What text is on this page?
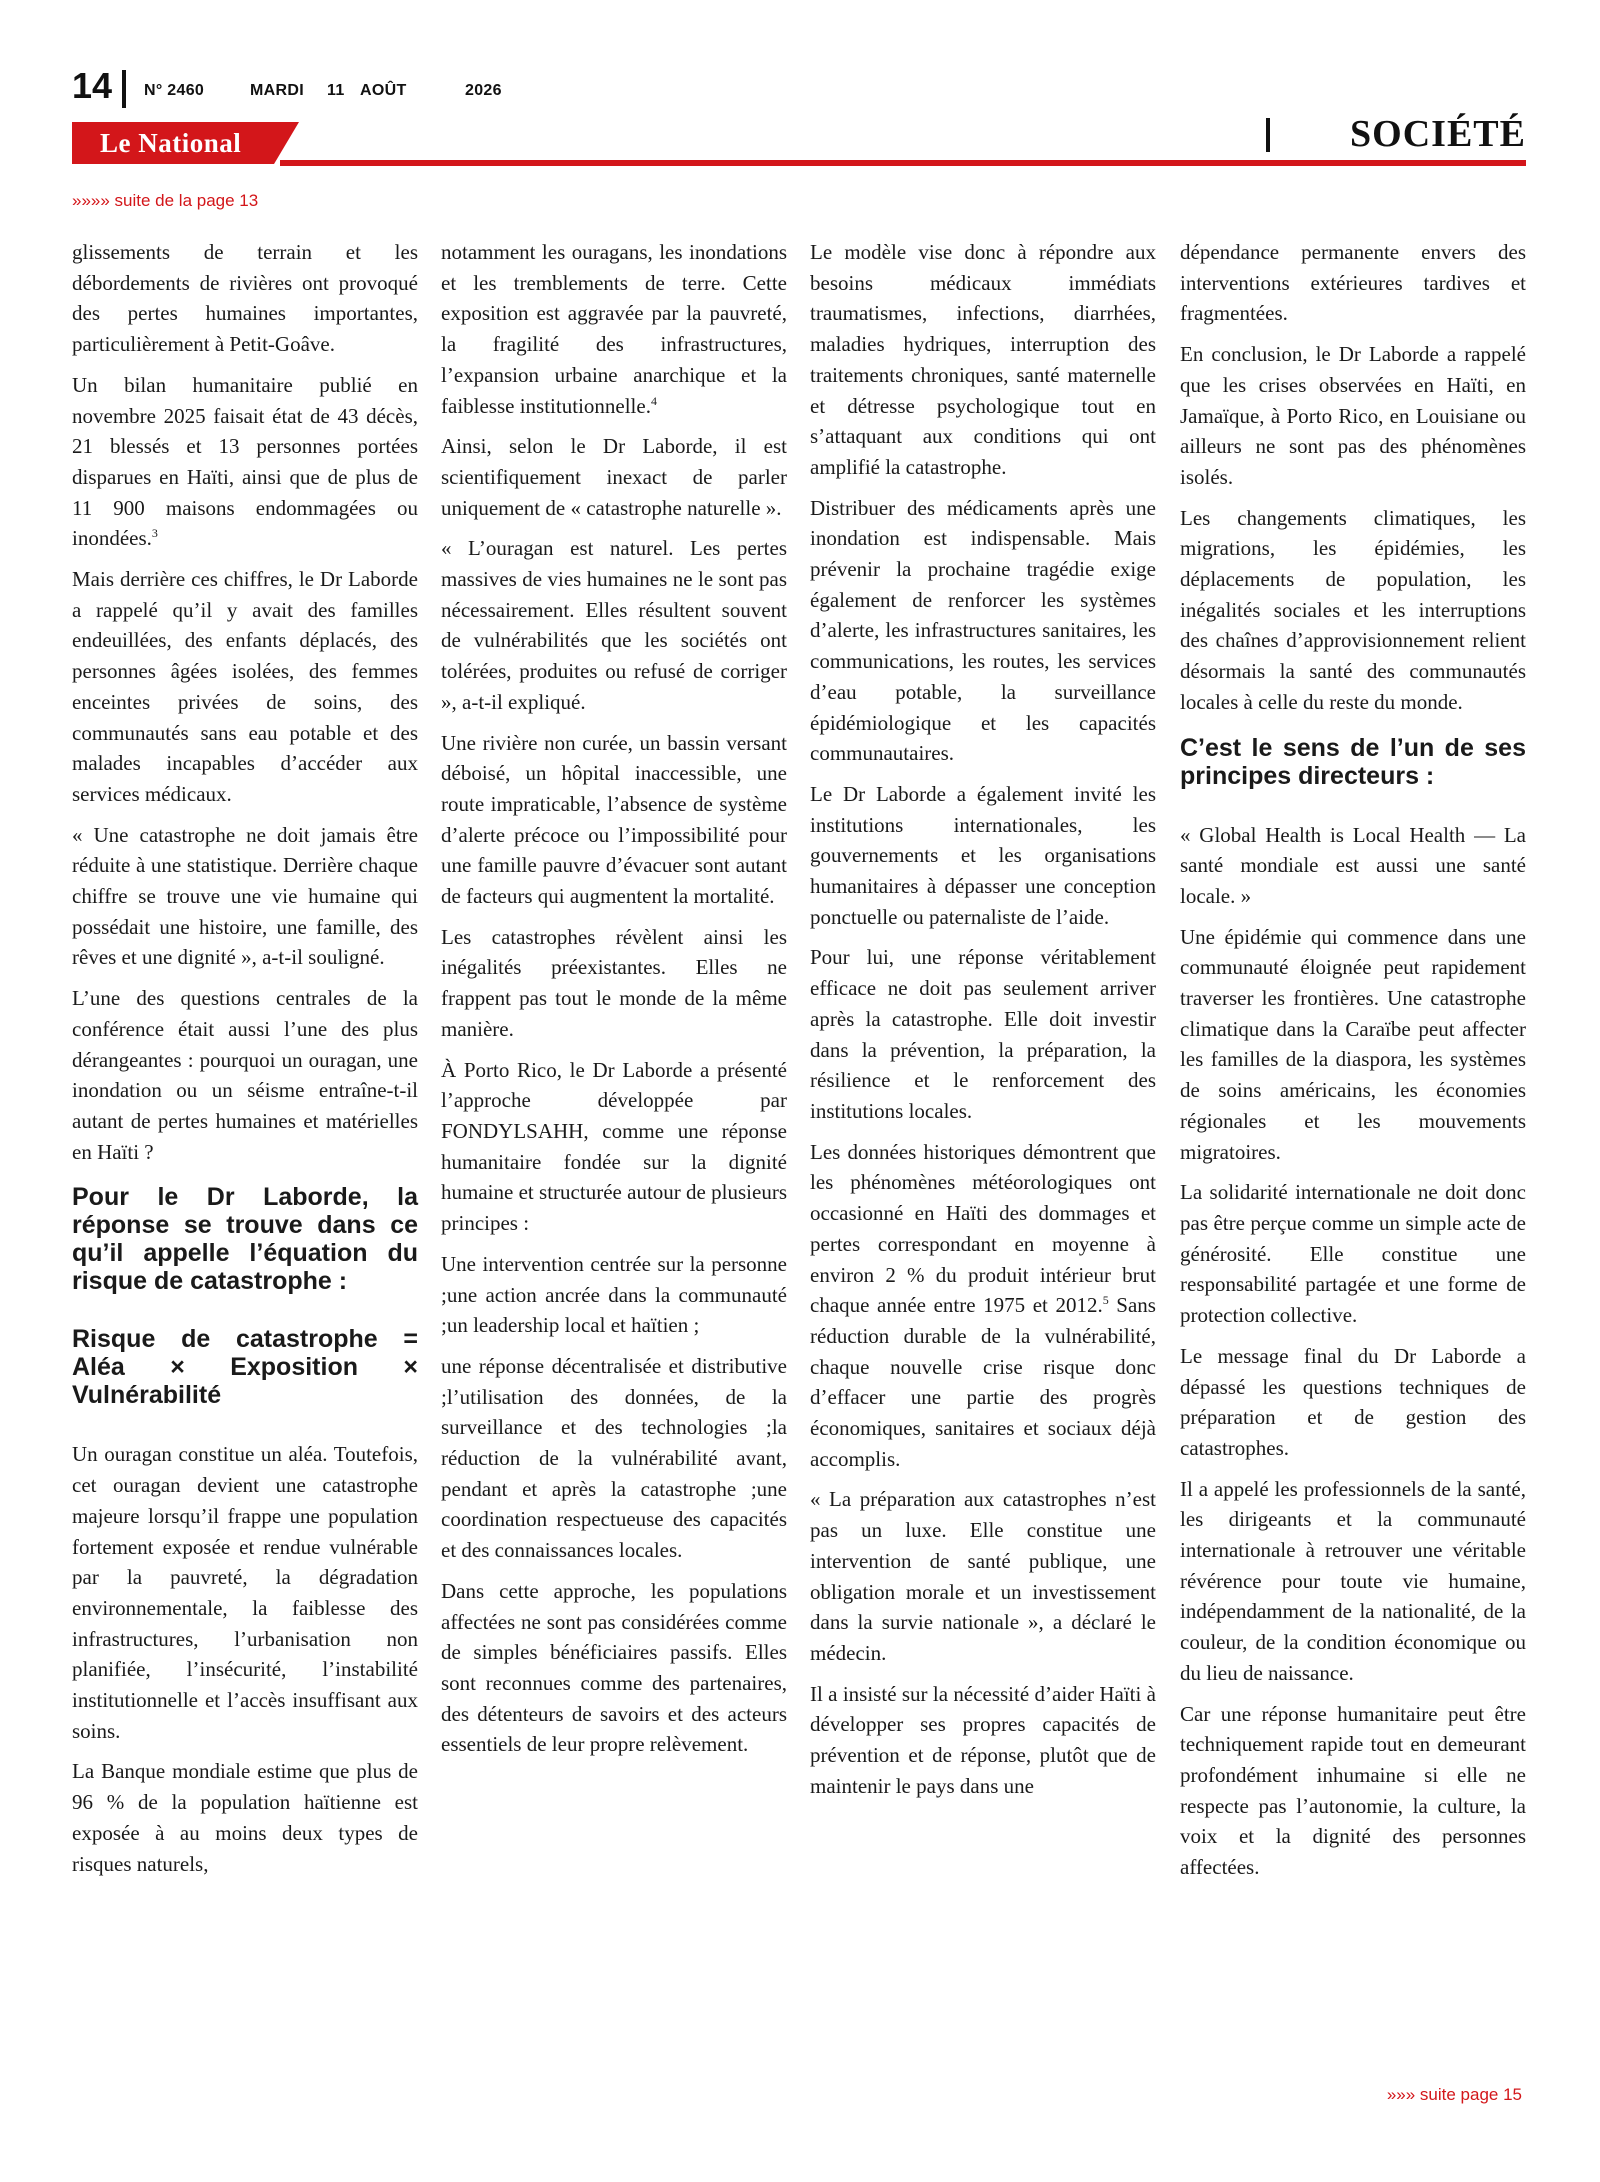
14 N° 2460	MARDI 11 AOÛT	2026
Le National	SOCIÉTÉ
»»»» suite de la page 13

glissements de terrain et les débordements de rivières ont provoqué des pertes humaines importantes, particulièrement à Petit-Goâve.

Un bilan humanitaire publié en novembre 2025 faisait état de 43 décès, 21 blessés et 13 personnes portées disparues en Haïti, ainsi que de plus de 11 900 maisons endommagées ou inondées.$^3$

Mais derrière ces chiffres, le Dr Laborde a rappelé qu’il y avait des familles endeuillées, des enfants déplacés, des personnes âgées isolées, des femmes enceintes privées de soins, des communautés sans eau potable et des malades incapables d’accéder aux services médicaux.

« Une catastrophe ne doit jamais être réduite à une statistique. Derrière chaque chiffre se trouve une vie humaine qui possédait une histoire, une famille, des rêves et une dignité », a-t-il souligné.

L’une des questions centrales de la conférence était aussi l’une des plus dérangeantes : pourquoi un ouragan, une inondation ou un séisme entraîne-t-il autant de pertes humaines et matérielles en Haïti ?

Pour le Dr Laborde, la réponse se trouve dans ce qu’il appelle l’équation du risque de catastrophe :
Risque de catastrophe = Aléa × Exposition × Vulnérabilité

Un ouragan constitue un aléa. Toutefois, cet ouragan devient une catastrophe majeure lorsqu’il frappe une population fortement exposée et rendue vulnérable par la pauvreté, la dégradation environnementale, la faiblesse des infrastructures, l’urbanisation non planifiée, l’insécurité, l’instabilité institutionnelle et l’accès insuffisant aux soins.

La Banque mondiale estime que plus de 96 % de la population haïtienne est exposée à au moins deux types de risques naturels,

notamment les ouragans, les inondations et les tremblements de terre. Cette exposition est aggravée par la pauvreté, la fragilité des infrastructures, l’expansion urbaine anarchique et la faiblesse institutionnelle.$^4$

Ainsi, selon le Dr Laborde, il est scientifiquement inexact de parler uniquement de « catastrophe naturelle ».

« L’ouragan est naturel. Les pertes massives de vies humaines ne le sont pas nécessairement. Elles résultent souvent de vulnérabilités que les sociétés ont tolérées, produites ou refusé de corriger », a-t-il expliqué.

Une rivière non curée, un bassin versant déboisé, un hôpital inaccessible, une route impraticable, l’absence de système d’alerte précoce ou l’impossibilité pour une famille pauvre d’évacuer sont autant de facteurs qui augmentent la mortalité.

Les catastrophes révèlent ainsi les inégalités préexistantes. Elles ne frappent pas tout le monde de la même manière.

À Porto Rico, le Dr Laborde a présenté l’approche développée par FONDYLSAHH, comme une réponse humanitaire fondée sur la dignité humaine et structurée autour de plusieurs principes :

Une intervention centrée sur la personne ;une action ancrée dans la communauté ;un leadership local et haïtien ;

une réponse décentralisée et distributive ;l’utilisation des données, de la surveillance et des technologies ;la réduction de la vulnérabilité avant, pendant et après la catastrophe ;une coordination respectueuse des capacités et des connaissances locales.

Dans cette approche, les populations affectées ne sont pas considérées comme de simples bénéficiaires passifs. Elles sont reconnues comme des partenaires, des détenteurs de savoirs et des acteurs essentiels de leur propre relèvement.

Le modèle vise donc à répondre aux besoins médicaux immédiats traumatismes, infections, diarrhées, maladies hydriques, interruption des traitements chroniques, santé maternelle et détresse psychologique tout en s’attaquant aux conditions qui ont amplifié la catastrophe.

Distribuer des médicaments après une inondation est indispensable. Mais prévenir la prochaine tragédie exige également de renforcer les systèmes d’alerte, les infrastructures sanitaires, les communications, les routes, les services d’eau potable, la surveillance épidémiologique et les capacités communautaires.

Le Dr Laborde a également invité les institutions internationales, les gouvernements et les organisations humanitaires à dépasser une conception ponctuelle ou paternaliste de l’aide.

Pour lui, une réponse véritablement efficace ne doit pas seulement arriver après la catastrophe. Elle doit investir dans la prévention, la préparation, la résilience et le renforcement des institutions locales.

Les données historiques démontrent que les phénomènes météorologiques ont occasionné en Haïti des dommages et pertes correspondant en moyenne à environ 2 % du produit intérieur brut chaque année entre 1975 et 2012.$^5$ Sans réduction durable de la vulnérabilité, chaque nouvelle crise risque donc d’effacer une partie des progrès économiques, sanitaires et sociaux déjà accomplis.

« La préparation aux catastrophes n’est pas un luxe. Elle constitue une intervention de santé publique, une obligation morale et un investissement dans la survie nationale », a déclaré le médecin.

Il a insisté sur la nécessité d’aider Haïti à développer ses propres capacités de prévention et de réponse, plutôt que de maintenir le pays dans une

dépendance permanente envers des interventions extérieures tardives et fragmentées.

En conclusion, le Dr Laborde a rappelé que les crises observées en Haïti, en Jamaïque, à Porto Rico, en Louisiane ou ailleurs ne sont pas des phénomènes isolés.

Les changements climatiques, les migrations, les épidémies, les déplacements de population, les inégalités sociales et les interruptions des chaînes d’approvisionnement relient désormais la santé des communautés locales à celle du reste du monde.

C’est le sens de l’un de ses principes directeurs :

« Global Health is Local Health — La santé mondiale est aussi une santé locale. »

Une épidémie qui commence dans une communauté éloignée peut rapidement traverser les frontières. Une catastrophe climatique dans la Caraïbe peut affecter les familles de la diaspora, les systèmes de soins américains, les économies régionales et les mouvements migratoires.

La solidarité internationale ne doit donc pas être perçue comme un simple acte de générosité. Elle constitue une responsabilité partagée et une forme de protection collective.

Le message final du Dr Laborde a dépassé les questions techniques de préparation et de gestion des catastrophes.

Il a appelé les professionnels de la santé, les dirigeants et la communauté internationale à retrouver une véritable révérence pour toute vie humaine, indépendamment de la nationalité, de la couleur, de la condition économique ou du lieu de naissance.

Car une réponse humanitaire peut être techniquement rapide tout en demeurant profondément inhumaine si elle ne respecte pas l’autonomie, la culture, la voix et la dignité des personnes affectées.

»»» suite page 15
